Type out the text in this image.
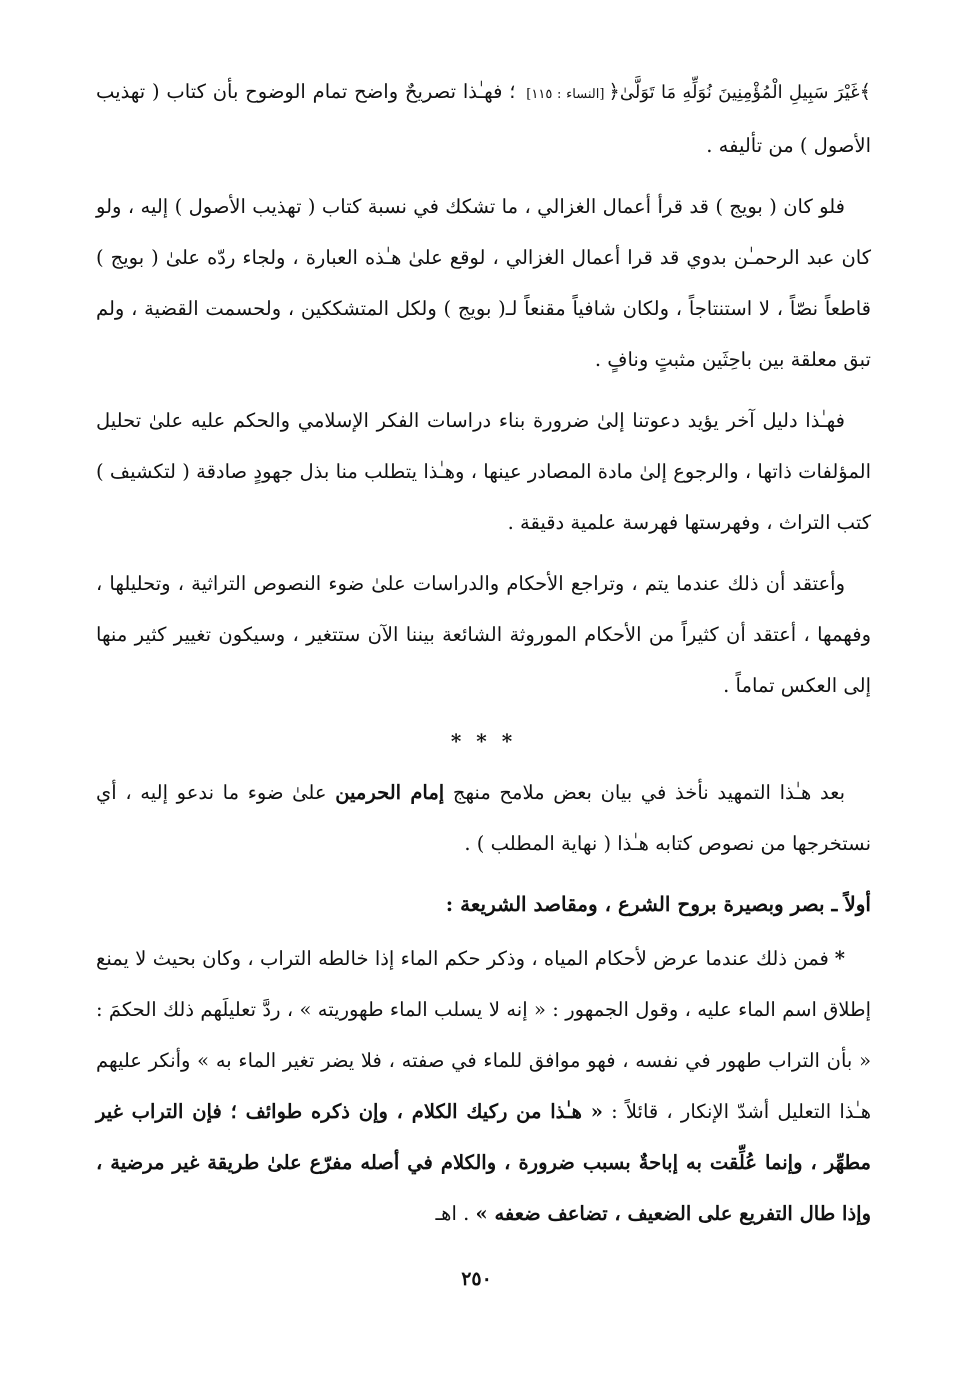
﴾غَيْرَ سَبِيلِ الْمُؤْمِنِينَ نُوَلِّهِ مَا تَوَلَّىٰ﴿[النساء : ١١٥] ؛ فهـٰذا تصريحٌ واضح تمام الوضوح بأن كتاب ( تهذيب الأصول ) من تأليفه .

فلو كان ( بويج ) قد قرأ أعمال الغزالي ، ما تشكك في نسبة كتاب ( تهذيب الأصول ) إليه ، ولو كان عبد الرحمـٰن بدوي قد قرا أعمال الغزالي ، لوقع علىٰ هـٰذه العبارة ، ولجاء ردّه علىٰ ( بويج ) قاطعاً نصّاً ، لا استنتاجاً ، ولكان شافياً مقنعاً لـ( بويج ) ولكل المتشككين ، ولحسمت القضية ، ولم تبق معلقة بين باحِثَين مثبتٍ ونافٍ .

فهـٰذا دليل آخر يؤيد دعوتنا إلىٰ ضرورة بناء دراسات الفكر الإسلامي والحكم عليه علىٰ تحليل المؤلفات ذاتها ، والرجوع إلىٰ مادة المصادر عينها ، وهـٰذا يتطلب منا بذل جهودٍ صادقة ( لتكشيف ) كتب التراث ، وفهرستها فهرسة علمية دقيقة .

وأعتقد أن ذلك عندما يتم ، وتراجع الأحكام والدراسات علىٰ ضوء النصوص التراثية ، وتحليلها ، وفهمها ، أعتقد أن كثيراً من الأحكام الموروثة الشائعة بيننا الآن ستتغير ، وسيكون تغيير كثير منها إلى العكس تماماً .

* * *

بعد هـٰذا التمهيد نأخذ في بيان بعض ملامح منهج إمام الحرمين علىٰ ضوء ما ندعو إليه ، أي نستخرجها من نصوص كتابه هـٰذا ( نهاية المطلب ) .

أولاً ـ بصر وبصيرة بروح الشرع ، ومقاصد الشريعة :

*فمن ذلك عندما عرض لأحكام المياه ، وذكر حكم الماء إذا خالطه التراب ، وكان بحيث لا يمنع إطلاق اسم الماء عليه ، وقول الجمهور : « إنه لا يسلب الماء طهوريته » ، ردَّ تعليلَهم ذلك الحكمَ : « بأن التراب طهور في نفسه ، فهو موافق للماء في صفته ، فلا يضر تغير الماء به » وأنكر عليهم هـٰذا التعليل أشدّ الإنكار ، قائلاً : « هـٰذا من ركيك الكلام ، وإن ذكره طوائف ؛ فإن التراب غير مطهِّر ، وإنما عُلِّقت به إباحةٌ بسبب ضرورة ، والكلام في أصله مفرّع علىٰ طريقة غير مرضية ، وإذا طال التفريع على الضعيف ، تضاعف ضعفه » . اهـ

٢٥٠
